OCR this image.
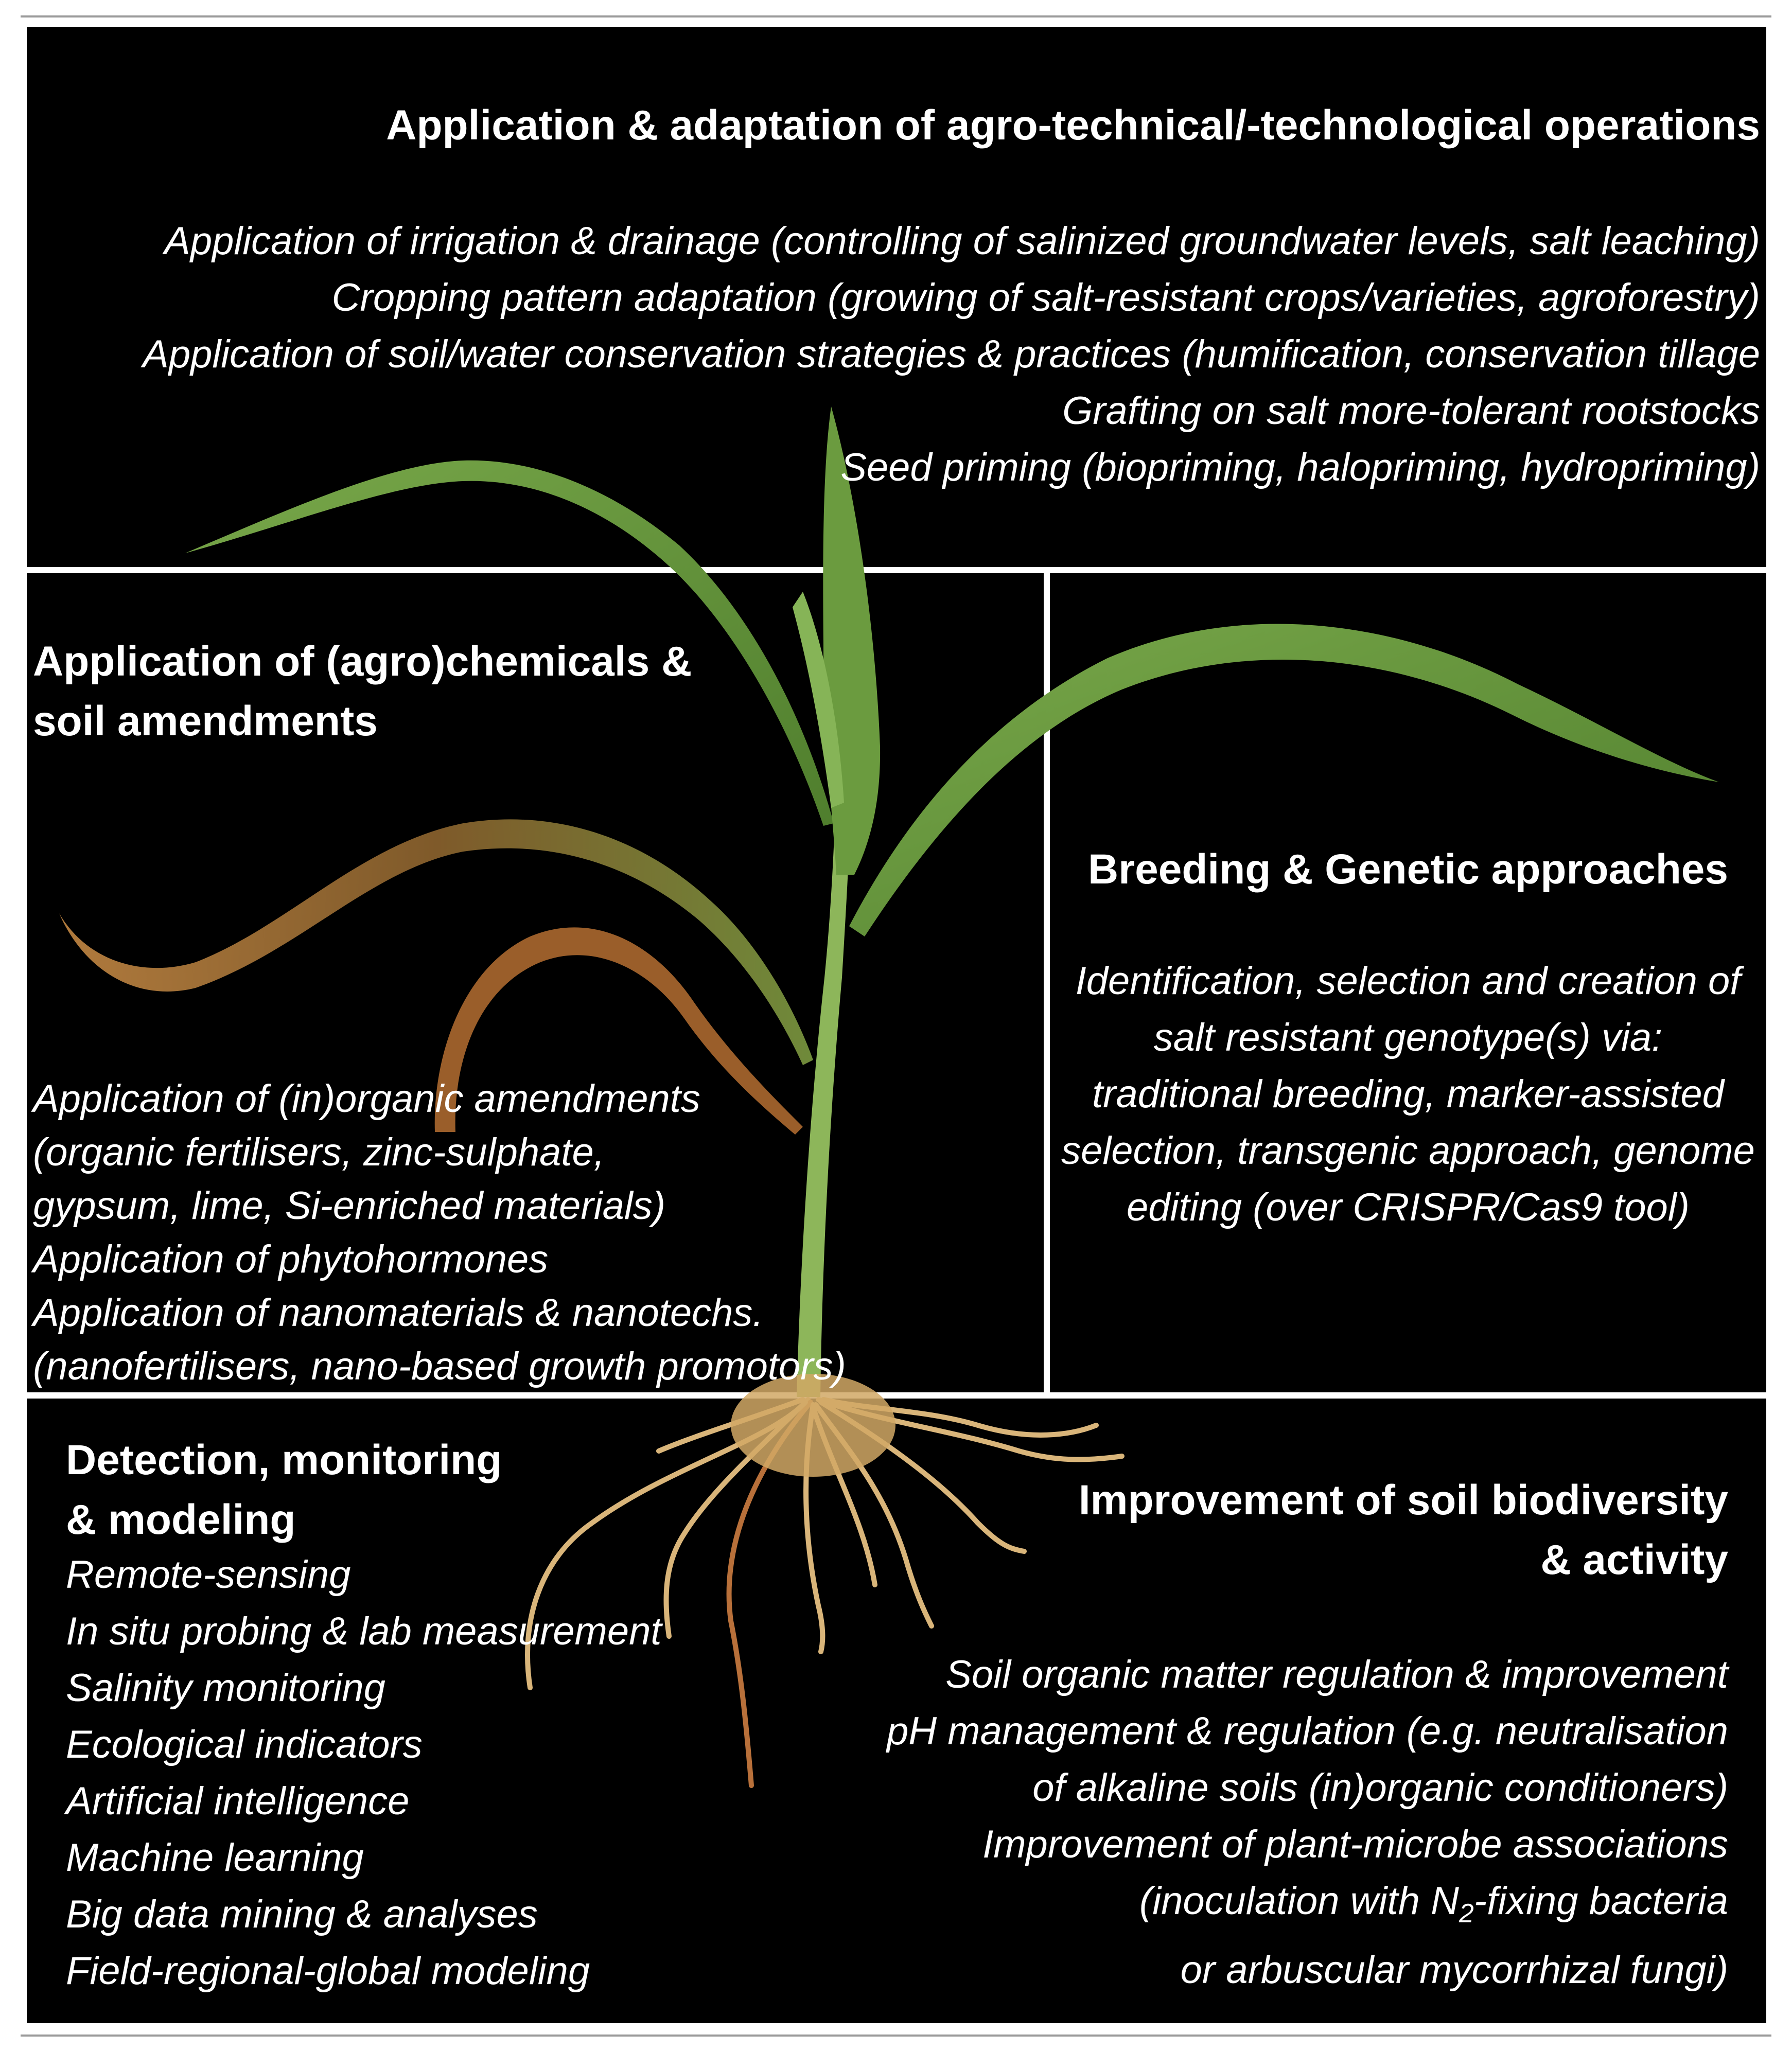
Application & adaptation of agro-technical/-technological operations
Application of irrigation & drainage (controlling of salinized groundwater levels, salt leaching)
Cropping pattern adaptation (growing of salt-resistant crops/varieties, agroforestry)
Application of soil/water conservation strategies & practices (humification, conservation tillage
Grafting on salt more-tolerant rootstocks
Seed priming (biopriming, halopriming, hydropriming)
Application of (agro)chemicals &
soil amendments
Application of (in)organic amendments
(organic fertilisers, zinc-sulphate,
gypsum, lime, Si-enriched materials)
Application of phytohormones
Application of nanomaterials & nanotechs.
(nanofertilisers, nano-based growth promotors)
Breeding & Genetic approaches
Identification, selection and creation of
salt resistant genotype(s) via:
traditional breeding, marker-assisted
selection, transgenic approach, genome
editing (over CRISPR/Cas9 tool)
Detection, monitoring
& modeling
Remote-sensing
In situ probing & lab measurement
Salinity monitoring
Ecological indicators
Artificial intelligence
Machine learning
Big data mining & analyses
Field-regional-global modeling
Improvement of soil biodiversity
& activity
Soil organic matter regulation & improvement
pH management & regulation (e.g. neutralisation
of alkaline soils (in)organic conditioners)
Improvement of plant-microbe associations
(inoculation with $N_2$-fixing bacteria
or arbuscular mycorrhizal fungi)
